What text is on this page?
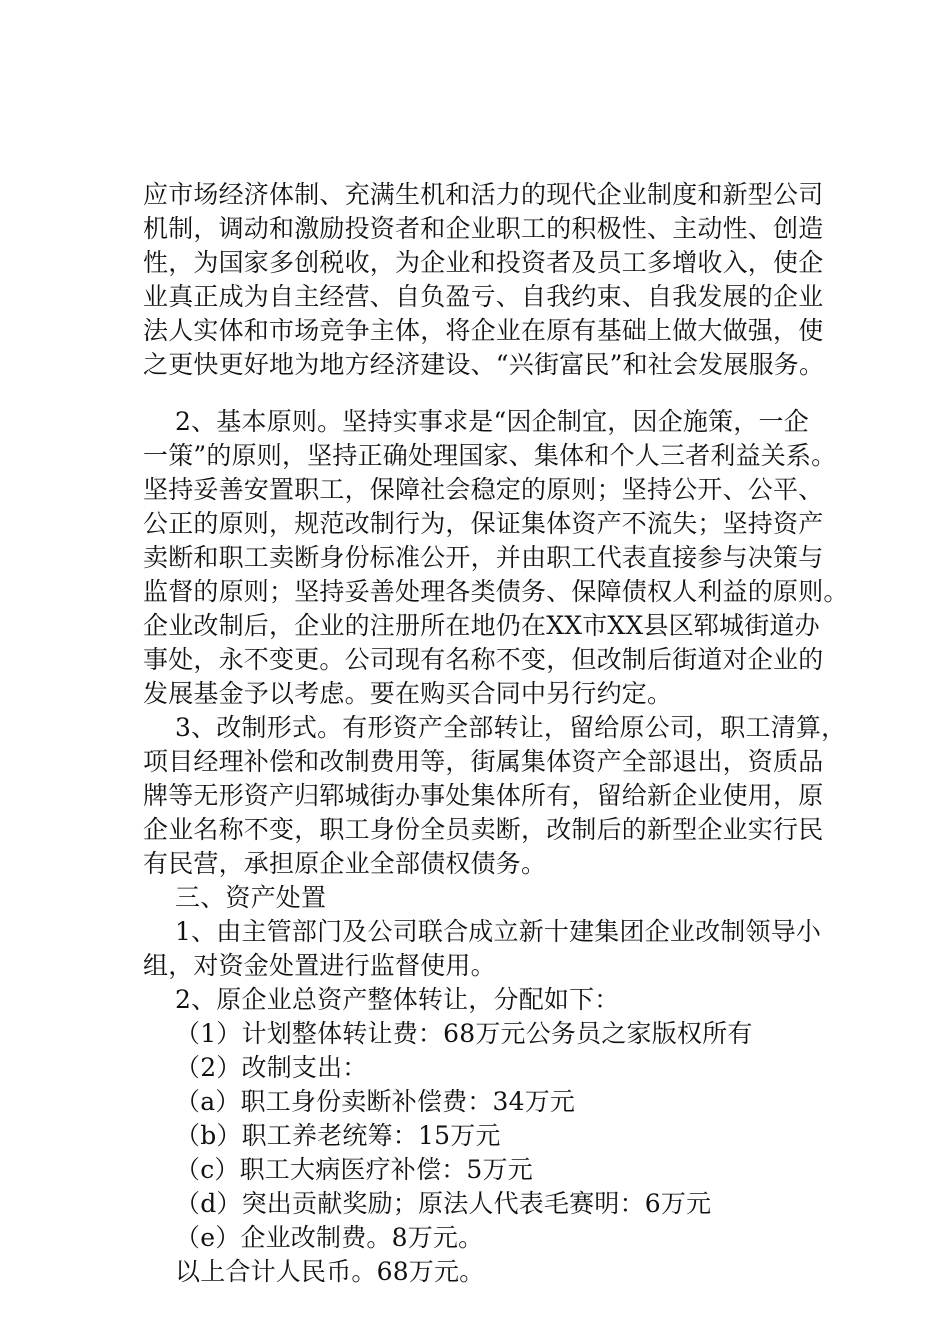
应市场经济体制、充满生机和活力的现代企业制度和新型公司
机制，调动和激励投资者和企业职工的积极性、主动性、创造
性，为国家多创税收，为企业和投资者及员工多增收入，使企
业真正成为自主经营、自负盈亏、自我约束、自我发展的企业
法人实体和市场竞争主体，将企业在原有基础上做大做强，使
之更快更好地为地方经济建设、“兴街富民”和社会发展服务。
2、基本原则。坚持实事求是“因企制宜，因企施策，一企
一策”的原则，坚持正确处理国家、集体和个人三者利益关系。
坚持妥善安置职工，保障社会稳定的原则；坚持公开、公平、
公正的原则，规范改制行为，保证集体资产不流失；坚持资产
卖断和职工卖断身份标准公开，并由职工代表直接参与决策与
监督的原则；坚持妥善处理各类债务、保障债权人利益的原则。
企业改制后，企业的注册所在地仍在XX市XX县区郓城街道办
事处，永不变更。公司现有名称不变，但改制后街道对企业的
发展基金予以考虑。要在购买合同中另行约定。
3、改制形式。有形资产全部转让，留给原公司，职工清算，
项目经理补偿和改制费用等，街属集体资产全部退出，资质品
牌等无形资产归郓城街办事处集体所有，留给新企业使用，原
企业名称不变，职工身份全员卖断，改制后的新型企业实行民
有民营，承担原企业全部债权债务。
三、资产处置
1、由主管部门及公司联合成立新十建集团企业改制领导小
组，对资金处置进行监督使用。
2、原企业总资产整体转让，分配如下：
（1）计划整体转让费：68万元公务员之家版权所有
（2）改制支出：
（a）职工身份卖断补偿费：34万元
（b）职工养老统筹：15万元
（c）职工大病医疗补偿：5万元
（d）突出贡献奖励；原法人代表毛赛明：6万元
（e）企业改制费。8万元。
以上合计人民币。68万元。
